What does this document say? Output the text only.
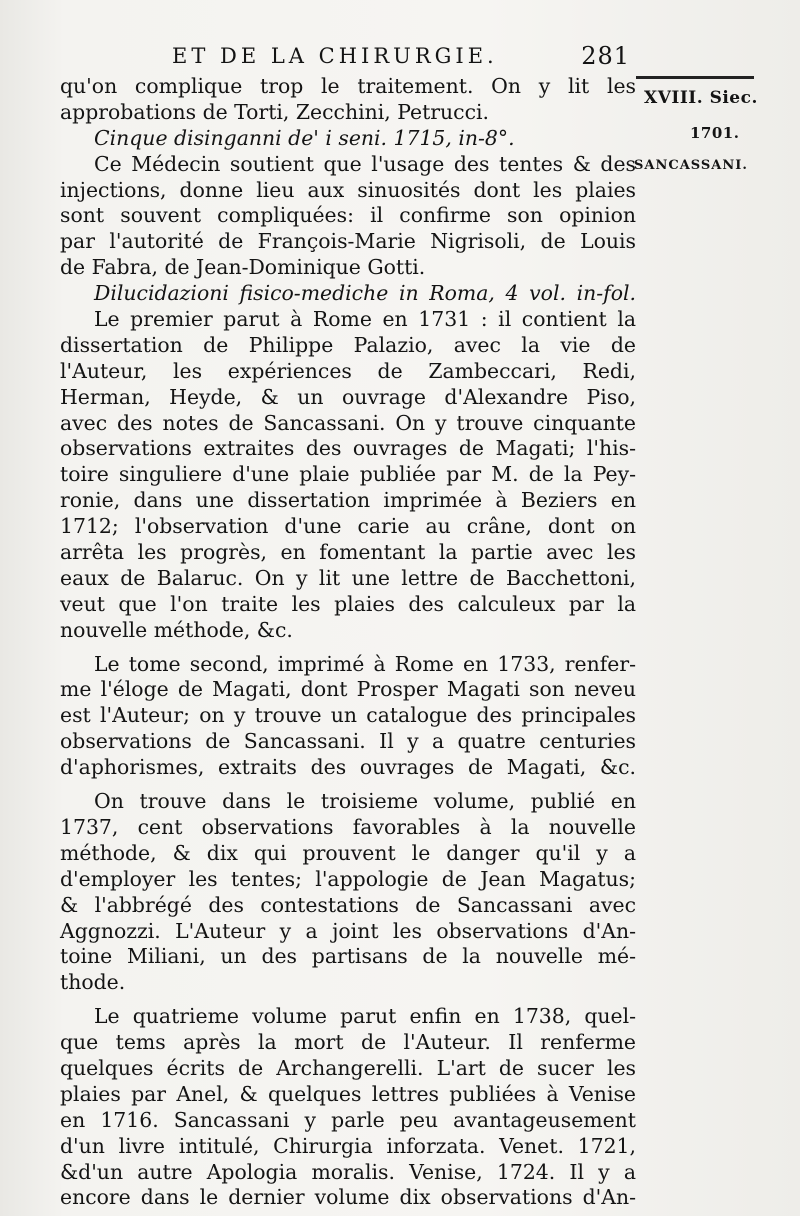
ET DE LA CHIRURGIE.	281
XVIII. Siec.
1701.
SANCASSANI.
qu'on complique trop le traitement. On y lit les
approbations de Torti, Zecchini, Petrucci.
Cinque disinganni de' i seni. 1715, in-8°.
Ce Médecin soutient que l'usage des tentes & des
injections, donne lieu aux sinuosités dont les plaies
sont souvent compliquées: il confirme son opinion
par l'autorité de François-Marie Nigrisoli, de Louis
de Fabra, de Jean-Dominique Gotti.
Dilucidazioni fisico-mediche in Roma, 4 vol. in-fol.
Le premier parut à Rome en 1731 : il contient la
dissertation de Philippe Palazio, avec la vie de
l'Auteur, les expériences de Zambeccari, Redi,
Herman, Heyde, & un ouvrage d'Alexandre Piso,
avec des notes de Sancassani. On y trouve cinquante
observations extraites des ouvrages de Magati; l'his-
toire singuliere d'une plaie publiée par M. de la Pey-
ronie, dans une dissertation imprimée à Beziers en
1712; l'observation d'une carie au crâne, dont on
arrêta les progrès, en fomentant la partie avec les
eaux de Balaruc. On y lit une lettre de Bacchettoni,
veut que l'on traite les plaies des calculeux par la
nouvelle méthode, &c.
Le tome second, imprimé à Rome en 1733, renfer-
me l'éloge de Magati, dont Prosper Magati son neveu
est l'Auteur; on y trouve un catalogue des principales
observations de Sancassani. Il y a quatre centuries
d'aphorismes, extraits des ouvrages de Magati, &c.
On trouve dans le troisieme volume, publié en
1737, cent observations favorables à la nouvelle
méthode, & dix qui prouvent le danger qu'il y a
d'employer les tentes; l'appologie de Jean Magatus;
& l'abbrégé des contestations de Sancassani avec
Aggnozzi. L'Auteur y a joint les observations d'An-
toine Miliani, un des partisans de la nouvelle mé-
thode.
Le quatrieme volume parut enfin en 1738, quel-
que tems après la mort de l'Auteur. Il renferme
quelques écrits de Archangerelli. L'art de sucer les
plaies par Anel, & quelques lettres publiées à Venise
en 1716. Sancassani y parle peu avantageusement
d'un livre intitulé, Chirurgia inforzata. Venet. 1721,
&d'un autre Apologia moralis. Venise, 1724. Il y a
encore dans le dernier volume dix observations d'An-
